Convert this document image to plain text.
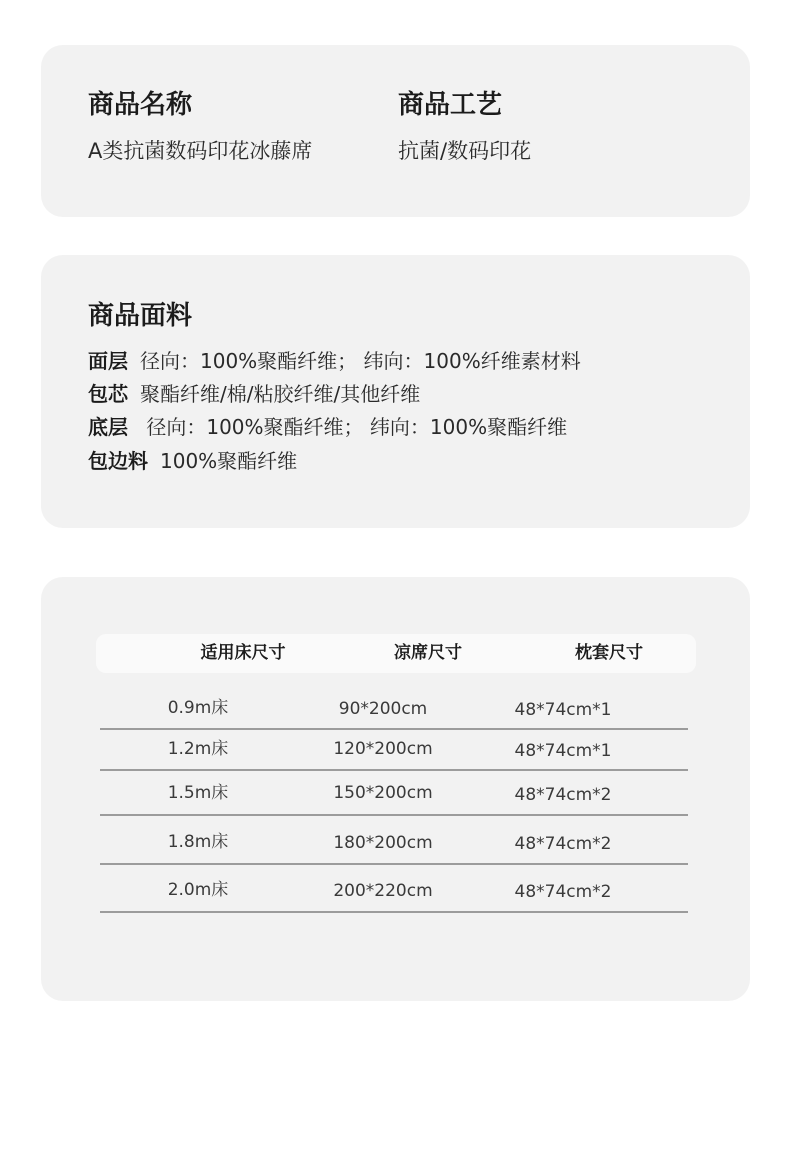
商品名称
A类抗菌数码印花冰藤席
商品工艺
抗菌/数码印花
商品面料
面层 径向：100%聚酯纤维； 纬向：100%纤维素材料
包芯 聚酯纤维/棉/粘胶纤维/其他纤维
底层 径向：100%聚酯纤维； 纬向：100%聚酯纤维
包边料 100%聚酯纤维
适用床尺寸	凉席尺寸	枕套尺寸
0.9m床	90*200cm	48*74cm*1
1.2m床	120*200cm	48*74cm*1
1.5m床	150*200cm	48*74cm*2
1.8m床	180*200cm	48*74cm*2
2.0m床	200*220cm	48*74cm*2
